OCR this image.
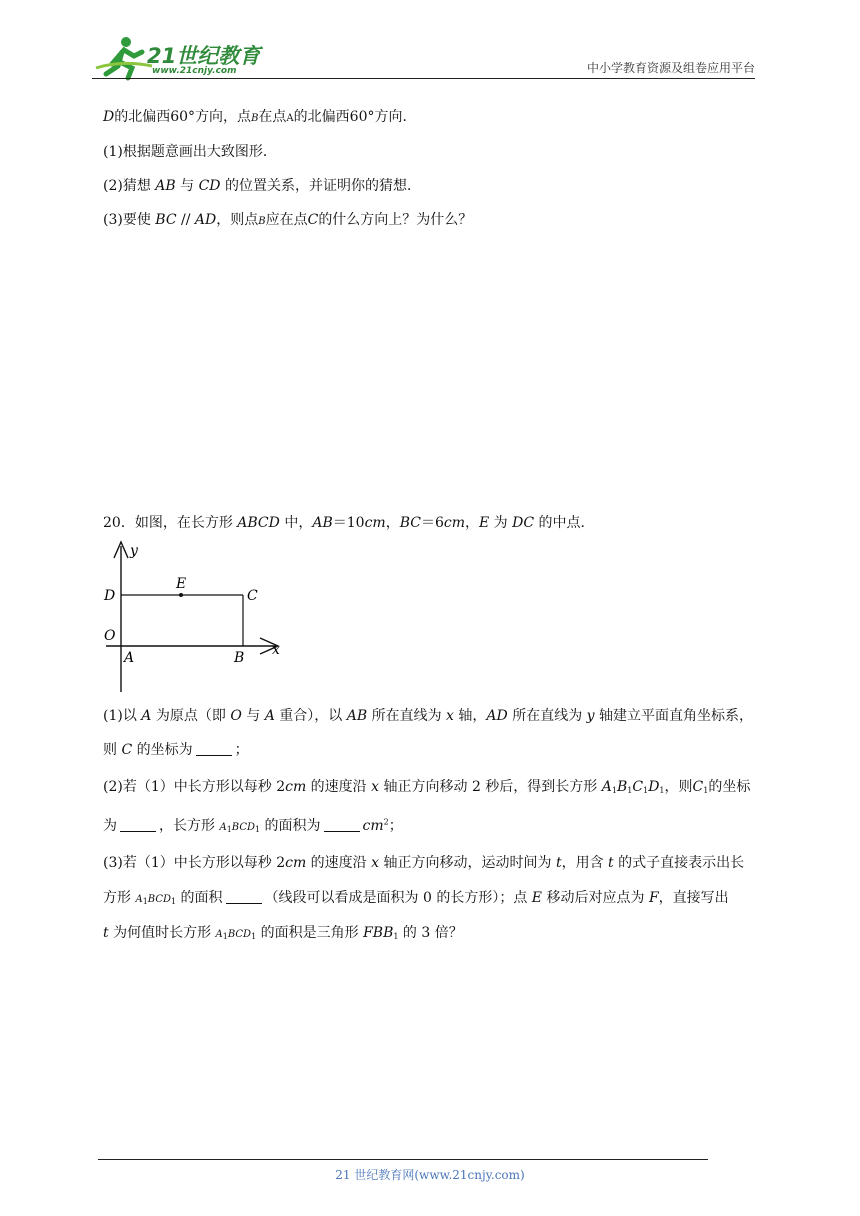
21世纪教育
www.21cnjy.com	中小学教育资源及组卷应用平台
D的北偏西60°方向，点B在点A的北偏西60°方向．
(1)根据题意画出大致图形．
(2)猜想 AB 与 CD 的位置关系，并证明你的猜想．
(3)要使 BC // AD，则点B应在点C的什么方向上？为什么？
20．如图，在长方形 ABCD 中，AB＝10cm，BC＝6cm，E 为 DC 的中点．
y
E
D	C
O
A	B x
(1)以 A 为原点（即 O 与 A 重合），以 AB 所在直线为 x 轴，AD 所在直线为 y 轴建立平面直角坐标系，
则 C 的坐标为	；
(2)若（1）中长方形以每秒 2cm 的速度沿 x 轴正方向移动 2 秒后，得到长方形 $A_1B_1C_1D_1$，则$C_1$的坐标
为	，长方形 $A_1BCD_1$ 的面积为	$cm^2$；
(3)若（1）中长方形以每秒 2cm 的速度沿 x 轴正方向移动，运动时间为 t，用含 t 的式子直接表示出长
方形 $A_1BCD_1$ 的面积	（线段可以看成是面积为 0 的长方形）；点 E 移动后对应点为 F，直接写出
t 为何值时长方形 $A_1BCD_1$ 的面积是三角形 $FBB_1$ 的 3 倍？
21 世纪教育网(www.21cnjy.com)
